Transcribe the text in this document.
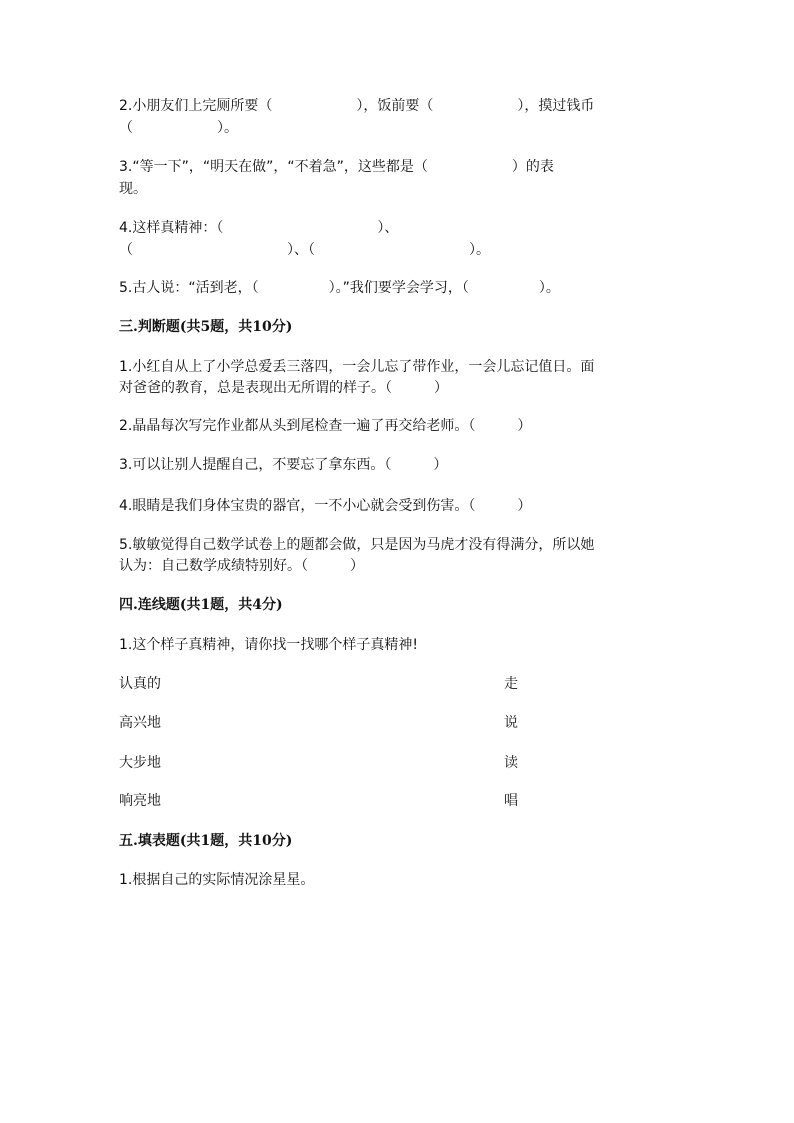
2.小朋友们上完厕所要（　　　　　　），饭前要（　　　　　　），摸过钱币

（　　　　　　）。

3.“等一下”，“明天在做”，“不着急”，这些都是（　　　　　　）的表

现。

4.这样真精神：（　　　　　　　　　　　）、

（　　　　　　　　　　　）、（　　　　　　　　　　　）。

5.古人说：“活到老，（　　　　　）。”我们要学会学习，（　　　　　）。

三.判断题(共5题，共10分)

1.小红自从上了小学总爱丢三落四，一会儿忘了带作业，一会儿忘记值日。面

对爸爸的教育，总是表现出无所谓的样子。（　　　）

2.晶晶每次写完作业都从头到尾检查一遍了再交给老师。（　　　）

3.可以让别人提醒自己，不要忘了拿东西。（　　　）

4.眼睛是我们身体宝贵的器官，一不小心就会受到伤害。（　　　）

5.敏敏觉得自己数学试卷上的题都会做，只是因为马虎才没有得满分，所以她

认为：自己数学成绩特别好。（　　　）

四.连线题(共1题，共4分)

1.这个样子真精神，请你找一找哪个样子真精神!

认真的	走

高兴地	说

大步地	读

响亮地	唱

五.填表题(共1题，共10分)

1.根据自己的实际情况涂星星。
